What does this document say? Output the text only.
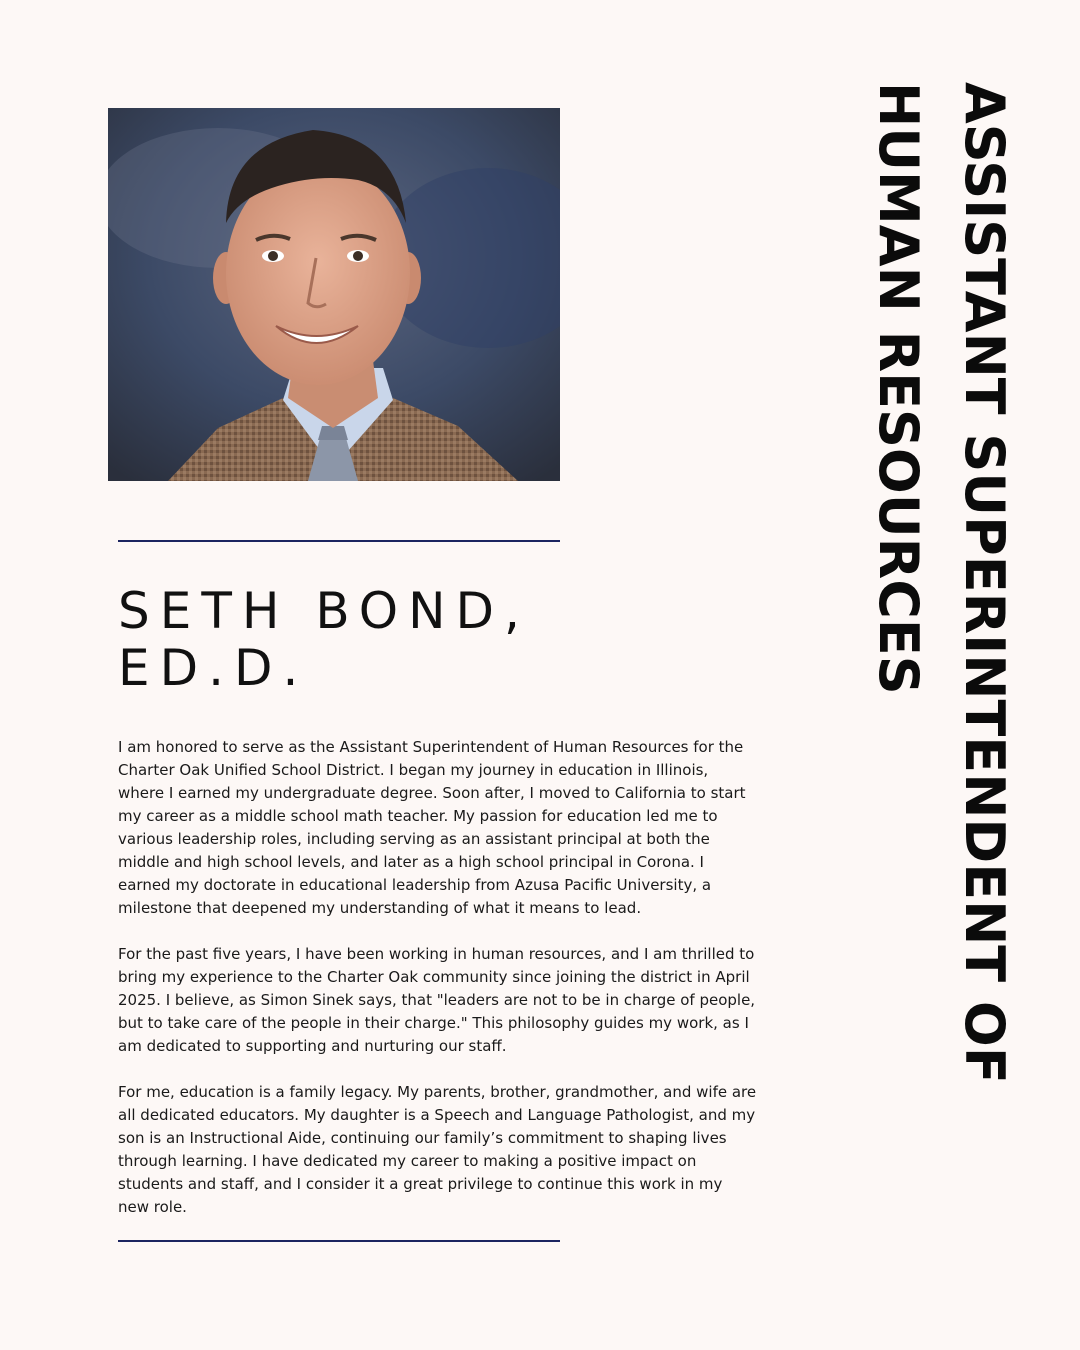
SETH BOND,
ED.D.

I am honored to serve as the Assistant Superintendent of Human Resources for the Charter Oak Unified School District. I began my journey in education in Illinois, where I earned my undergraduate degree. Soon after, I moved to California to start my career as a middle school math teacher. My passion for education led me to various leadership roles, including serving as an assistant principal at both the middle and high school levels, and later as a high school principal in Corona. I earned my doctorate in educational leadership from Azusa Pacific University, a milestone that deepened my understanding of what it means to lead.

For the past five years, I have been working in human resources, and I am thrilled to bring my experience to the Charter Oak community since joining the district in April 2025. I believe, as Simon Sinek says, that "leaders are not to be in charge of people, but to take care of the people in their charge." This philosophy guides my work, as I am dedicated to supporting and nurturing our staff.

For me, education is a family legacy. My parents, brother, grandmother, and wife are all dedicated educators. My daughter is a Speech and Language Pathologist, and my son is an Instructional Aide, continuing our family’s commitment to shaping lives through learning. I have dedicated my career to making a positive impact on students and staff, and I consider it a great privilege to continue this work in my new role.

ASSISTANT SUPERINTENDENT OF
HUMAN RESOURCES
